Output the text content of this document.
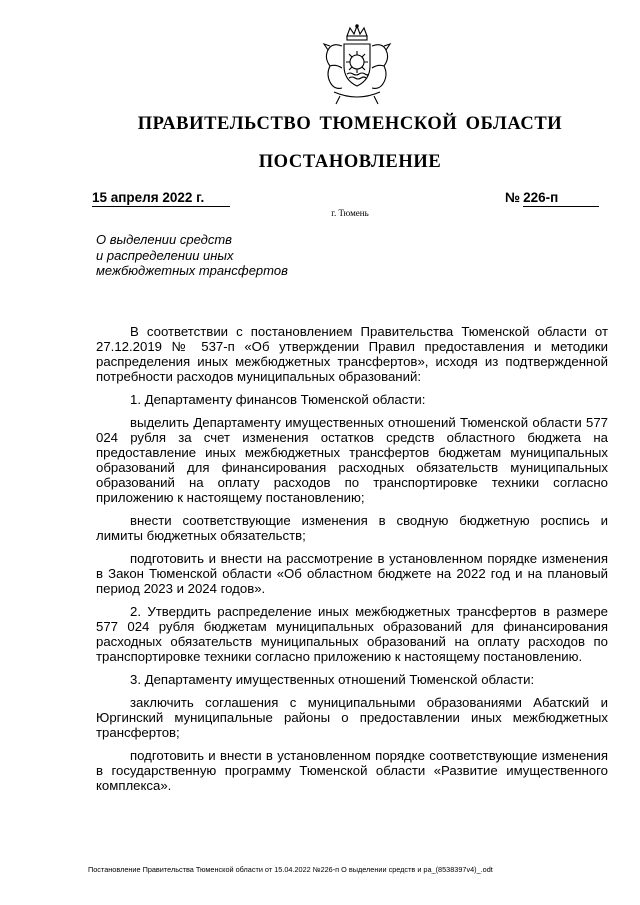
ПРАВИТЕЛЬСТВО ТЮМЕНСКОЙ ОБЛАСТИ
ПОСТАНОВЛЕНИЕ
15 апреля 2022 г.	№ 226-п
г. Тюмень
О выделении средств
и распределении иных
межбюджетных трансфертов

В соответствии с постановлением Правительства Тюменской области от 27.12.2019 № 537-п «Об утверждении Правил предоставления и методики распределения иных межбюджетных трансфертов», исходя из подтвержденной потребности расходов муниципальных образований:

1. Департаменту финансов Тюменской области:

выделить Департаменту имущественных отношений Тюменской области 577 024 рубля за счет изменения остатков средств областного бюджета на предоставление иных межбюджетных трансфертов бюджетам муниципальных образований для финансирования расходных обязательств муниципальных образований на оплату расходов по транспортировке техники согласно приложению к настоящему постановлению;

внести соответствующие изменения в сводную бюджетную роспись и лимиты бюджетных обязательств;

подготовить и внести на рассмотрение в установленном порядке изменения в Закон Тюменской области «Об областном бюджете на 2022 год и на плановый период 2023 и 2024 годов».

2. Утвердить распределение иных межбюджетных трансфертов в размере 577 024 рубля бюджетам муниципальных образований для финансирования расходных обязательств муниципальных образований на оплату расходов по транспортировке техники согласно приложению к настоящему постановлению.

3. Департаменту имущественных отношений Тюменской области:

заключить соглашения с муниципальными образованиями Абатский и Юргинский муниципальные районы о предоставлении иных межбюджетных трансфертов;

подготовить и внести в установленном порядке соответствующие изменения в государственную программу Тюменской области «Развитие имущественного комплекса».

Постановление Правительства Тюменской области от 15.04.2022 №226-п О выделении средств и ра_(8538397v4)_.odt
